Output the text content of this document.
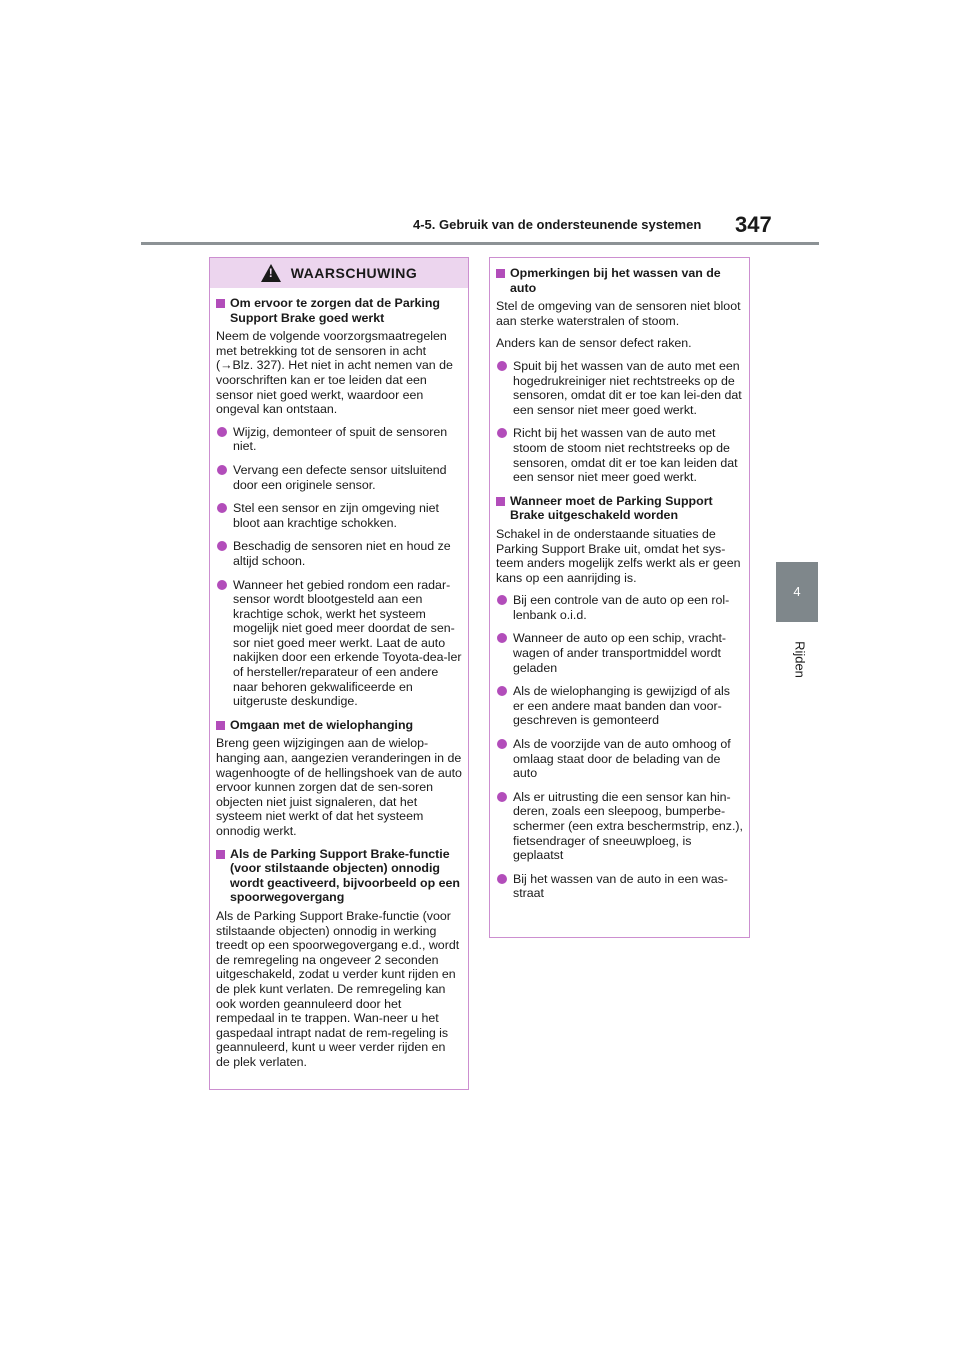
4-5. Gebruik van de ondersteunende systemen	347
4
Rijden
!
WAARSCHUWING
Om ervoor te zorgen dat de Parking Support Brake goed werkt

Neem de volgende voorzorgsmaatregelen met betrekking tot de sensoren in acht (→Blz. 327). Het niet in acht nemen van de voorschriften kan er toe leiden dat een sensor niet goed werkt, waardoor een ongeval kan ontstaan.

Wijzig, demonteer of spuit de sensoren niet.
Vervang een defecte sensor uitsluitend door een originele sensor.
Stel een sensor en zijn omgeving niet bloot aan krachtige schokken.
Beschadig de sensoren niet en houd ze altijd schoon.
Wanneer het gebied rondom een radar-sensor wordt blootgesteld aan een krachtige schok, werkt het systeem mogelijk niet goed meer doordat de sen-sor niet goed meer werkt. Laat de auto nakijken door een erkende Toyota-dea-ler of hersteller/reparateur of een andere naar behoren gekwalificeerde en uitgeruste deskundige.
Omgaan met de wielophanging

Breng geen wijzigingen aan de wielop-hanging aan, aangezien veranderingen in de wagenhoogte of de hellingshoek van de auto ervoor kunnen zorgen dat de sen-soren objecten niet juist signaleren, dat het systeem niet werkt of dat het systeem onnodig werkt.

Als de Parking Support Brake-functie (voor stilstaande objecten) onnodig wordt geactiveerd, bijvoorbeeld op een spoorwegovergang

Als de Parking Support Brake-functie (voor stilstaande objecten) onnodig in werking treedt op een spoorwegovergang e.d., wordt de remregeling na ongeveer 2 seconden uitgeschakeld, zodat u verder kunt rijden en de plek kunt verlaten. De remregeling kan ook worden geannuleerd door het rempedaal in te trappen. Wan-neer u het gaspedaal intrapt nadat de rem-regeling is geannuleerd, kunt u weer verder rijden en de plek verlaten.

Opmerkingen bij het wassen van de auto

Stel de omgeving van de sensoren niet bloot aan sterke waterstralen of stoom.

Anders kan de sensor defect raken.

Spuit bij het wassen van de auto met een hogedrukreiniger niet rechtstreeks op de sensoren, omdat dit er toe kan lei-den dat een sensor niet meer goed werkt.
Richt bij het wassen van de auto met stoom de stoom niet rechtstreeks op de sensoren, omdat dit er toe kan leiden dat een sensor niet meer goed werkt.
Wanneer moet de Parking Support Brake uitgeschakeld worden

Schakel in de onderstaande situaties de Parking Support Brake uit, omdat het sys-teem anders mogelijk zelfs werkt als er geen kans op een aanrijding is.

Bij een controle van de auto op een rol-lenbank o.i.d.
Wanneer de auto op een schip, vracht-wagen of ander transportmiddel wordt geladen
Als de wielophanging is gewijzigd of als er een andere maat banden dan voor-geschreven is gemonteerd
Als de voorzijde van de auto omhoog of omlaag staat door de belading van de auto
Als er uitrusting die een sensor kan hin-deren, zoals een sleepoog, bumperbe-schermer (een extra beschermstrip, enz.), fietsendrager of sneeuwploeg, is geplaatst
Bij het wassen van de auto in een was-straat
